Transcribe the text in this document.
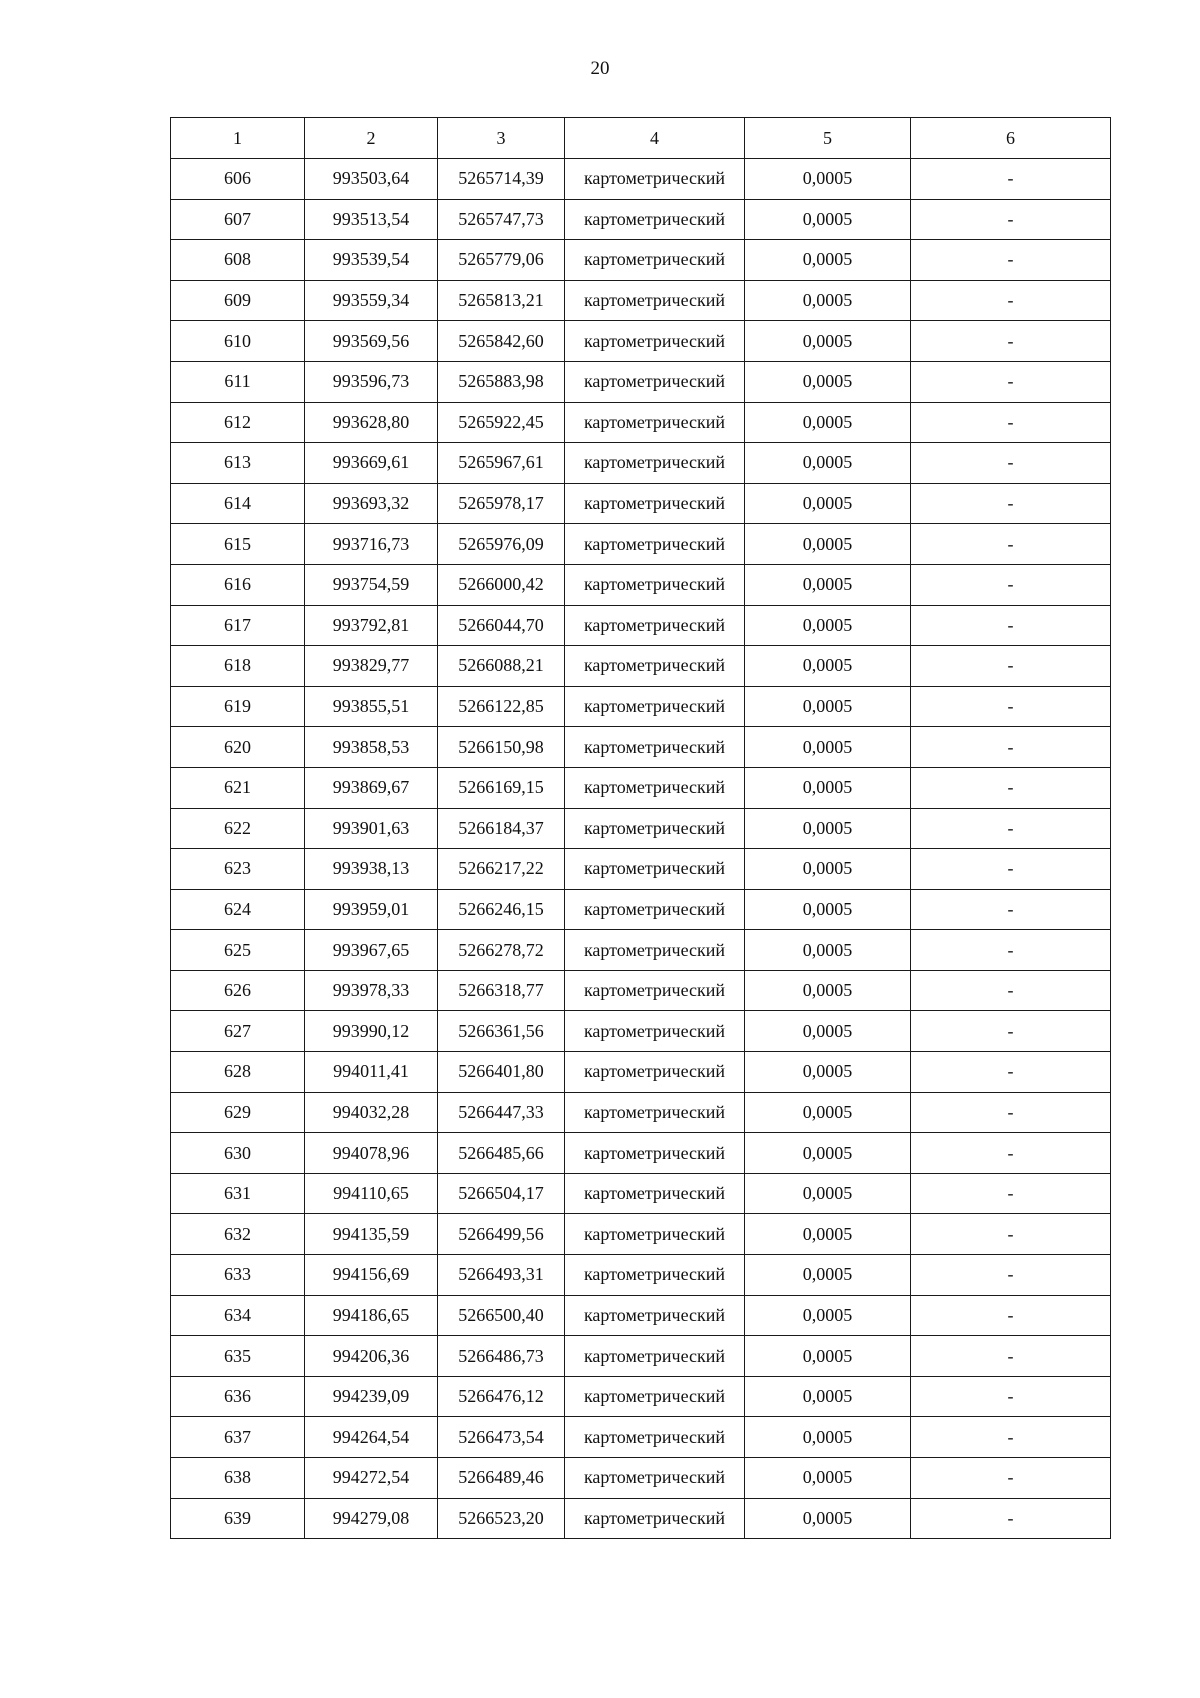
20
1	2	3	4	5	6
606	993503,64	5265714,39	картометрический	0,0005	-
607	993513,54	5265747,73	картометрический	0,0005	-
608	993539,54	5265779,06	картометрический	0,0005	-
609	993559,34	5265813,21	картометрический	0,0005	-
610	993569,56	5265842,60	картометрический	0,0005	-
611	993596,73	5265883,98	картометрический	0,0005	-
612	993628,80	5265922,45	картометрический	0,0005	-
613	993669,61	5265967,61	картометрический	0,0005	-
614	993693,32	5265978,17	картометрический	0,0005	-
615	993716,73	5265976,09	картометрический	0,0005	-
616	993754,59	5266000,42	картометрический	0,0005	-
617	993792,81	5266044,70	картометрический	0,0005	-
618	993829,77	5266088,21	картометрический	0,0005	-
619	993855,51	5266122,85	картометрический	0,0005	-
620	993858,53	5266150,98	картометрический	0,0005	-
621	993869,67	5266169,15	картометрический	0,0005	-
622	993901,63	5266184,37	картометрический	0,0005	-
623	993938,13	5266217,22	картометрический	0,0005	-
624	993959,01	5266246,15	картометрический	0,0005	-
625	993967,65	5266278,72	картометрический	0,0005	-
626	993978,33	5266318,77	картометрический	0,0005	-
627	993990,12	5266361,56	картометрический	0,0005	-
628	994011,41	5266401,80	картометрический	0,0005	-
629	994032,28	5266447,33	картометрический	0,0005	-
630	994078,96	5266485,66	картометрический	0,0005	-
631	994110,65	5266504,17	картометрический	0,0005	-
632	994135,59	5266499,56	картометрический	0,0005	-
633	994156,69	5266493,31	картометрический	0,0005	-
634	994186,65	5266500,40	картометрический	0,0005	-
635	994206,36	5266486,73	картометрический	0,0005	-
636	994239,09	5266476,12	картометрический	0,0005	-
637	994264,54	5266473,54	картометрический	0,0005	-
638	994272,54	5266489,46	картометрический	0,0005	-
639	994279,08	5266523,20	картометрический	0,0005	-
